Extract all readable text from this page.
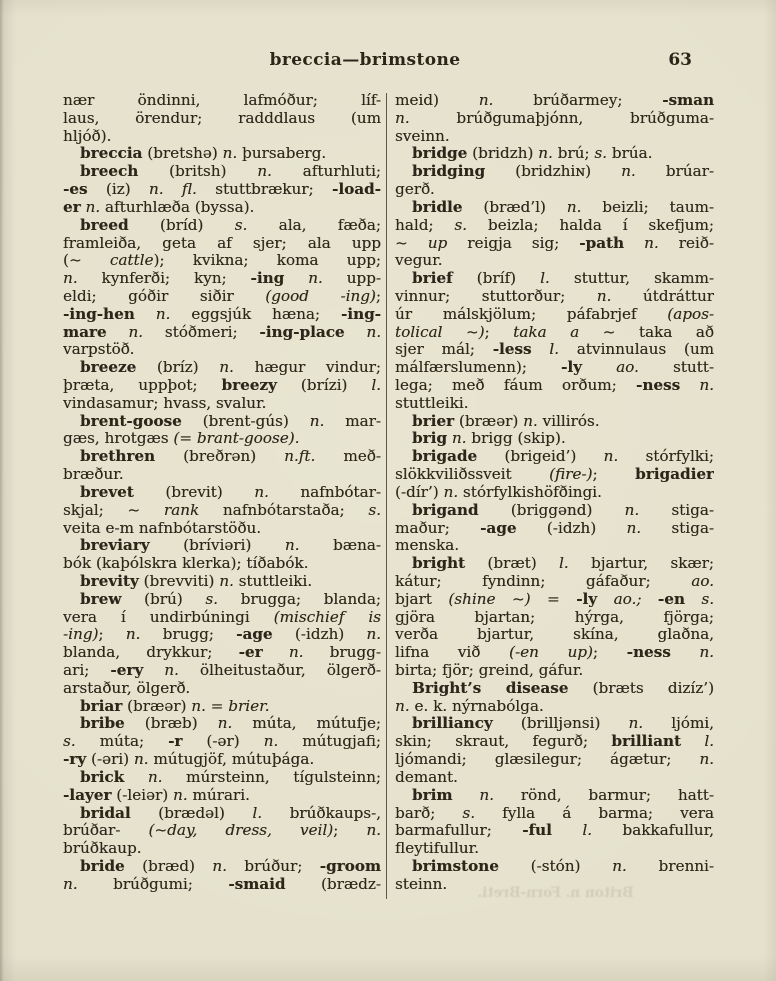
breccia—brimstone	63
nær öndinni, lafmóður; líf-
laus, örendur; radddlaus (um
hljóð).
breccia (bretshə) n. þursaberg.
breech (britsh) n. afturhluti;
-es (iz) n. fl. stuttbrækur; -load-
er n. afturhlæða (byssa).
breed (bríd) s. ala, fæða;
framleiða, geta af sjer; ala upp
(~ cattle); kvikna; koma upp;
n. kynferði; kyn; -ing n. upp-
eldi; góðir siðir (good -ing);
-ing-hen n. eggsjúk hæna; -ing-
mare n. stóðmeri; -ing-place n.
varpstöð.
breeze (bríz) n. hægur vindur;
þræta, uppþot; breezy (brízi) l.
vindasamur; hvass, svalur.
brent-goose (brent-gús) n. mar-
gæs, hrotgæs (= brant-goose).
brethren (breðrən) n.ft. með-
bræður.
brevet (brevit) n. nafnbótar-
skjal; ~ rank nafnbótarstaða; s.
veita e-m nafnbótarstöðu.
breviary (bríviəri) n. bæna-
bók (kaþólskra klerka); tíðabók.
brevity (brevviti) n. stuttleiki.
brew (brú) s. brugga; blanda;
vera í undirbúningi (mischief is
-ing); n. brugg; -age (-idzh) n.
blanda, drykkur; -er n. brugg-
ari; -ery n. ölheitustaður, ölgerð-
arstaður, ölgerð.
briar (bræər) n. = brier.
bribe (bræb) n. múta, mútufje;
s. múta; -r (-ər) n. mútugjafi;
-ry (-əri) n. mútugjöf, mútuþága.
brick n. múrsteinn, tígulsteinn;
-layer (-leiər) n. múrari.
bridal (brædəl) l. brúðkaups-,
brúðar- (~day, dress, veil); n.
brúðkaup.
bride (bræd) n. brúður; -groom
n. brúðgumi; -smaid (brædz-
meid) n. brúðarmey; -sman
n. brúðgumaþjónn, brúðguma-
sveinn.
bridge (bridzh) n. brú; s. brúa.
bridging (bridzhiɴ) n. brúar-
gerð.
bridle (bræd’l) n. beizli; taum-
hald; s. beizla; halda í skefjum;
~ up reigja sig; -path n. reið-
vegur.
brief (bríf) l. stuttur, skamm-
vinnur; stuttorður; n. útdráttur
úr málskjölum; páfabrjef (apos-
tolical ~); taka a ~ taka að
sjer mál; -less l. atvinnulaus (um
málfærslumenn); -ly ao. stutt-
lega; með fáum orðum; -ness n.
stuttleiki.
brier (bræər) n. villirós.
brig n. brigg (skip).
brigade (brigeid’) n. stórfylki;
slökkviliðssveit (fire-); brigadier
(-dír’) n. stórfylkishöfðingi.
brigand (briggənd) n. stiga-
maður; -age (-idzh) n. stiga-
menska.
bright (bræt) l. bjartur, skær;
kátur; fyndinn; gáfaður; ao.
bjart (shine ~) = -ly ao.; -en s.
gjöra bjartan; hýrga, fjörga;
verða bjartur, skína, glaðna,
lifna við (-en up); -ness n.
birta; fjör; greind, gáfur.
Bright’s disease (bræts dizíz’)
n. e. k. nýrnabólga.
brilliancy (brilljənsi) n. ljómi,
skin; skraut, fegurð; brilliant l.
ljómandi; glæsilegur; ágætur; n.
demant.
brim n. rönd, barmur; hatt-
barð; s. fylla á barma; vera
barmafullur; -ful l. bakkafullur,
fleytifullur.
brimstone (-stón) n. brenni-
steinn.
Briton n. Forn-Breti.
